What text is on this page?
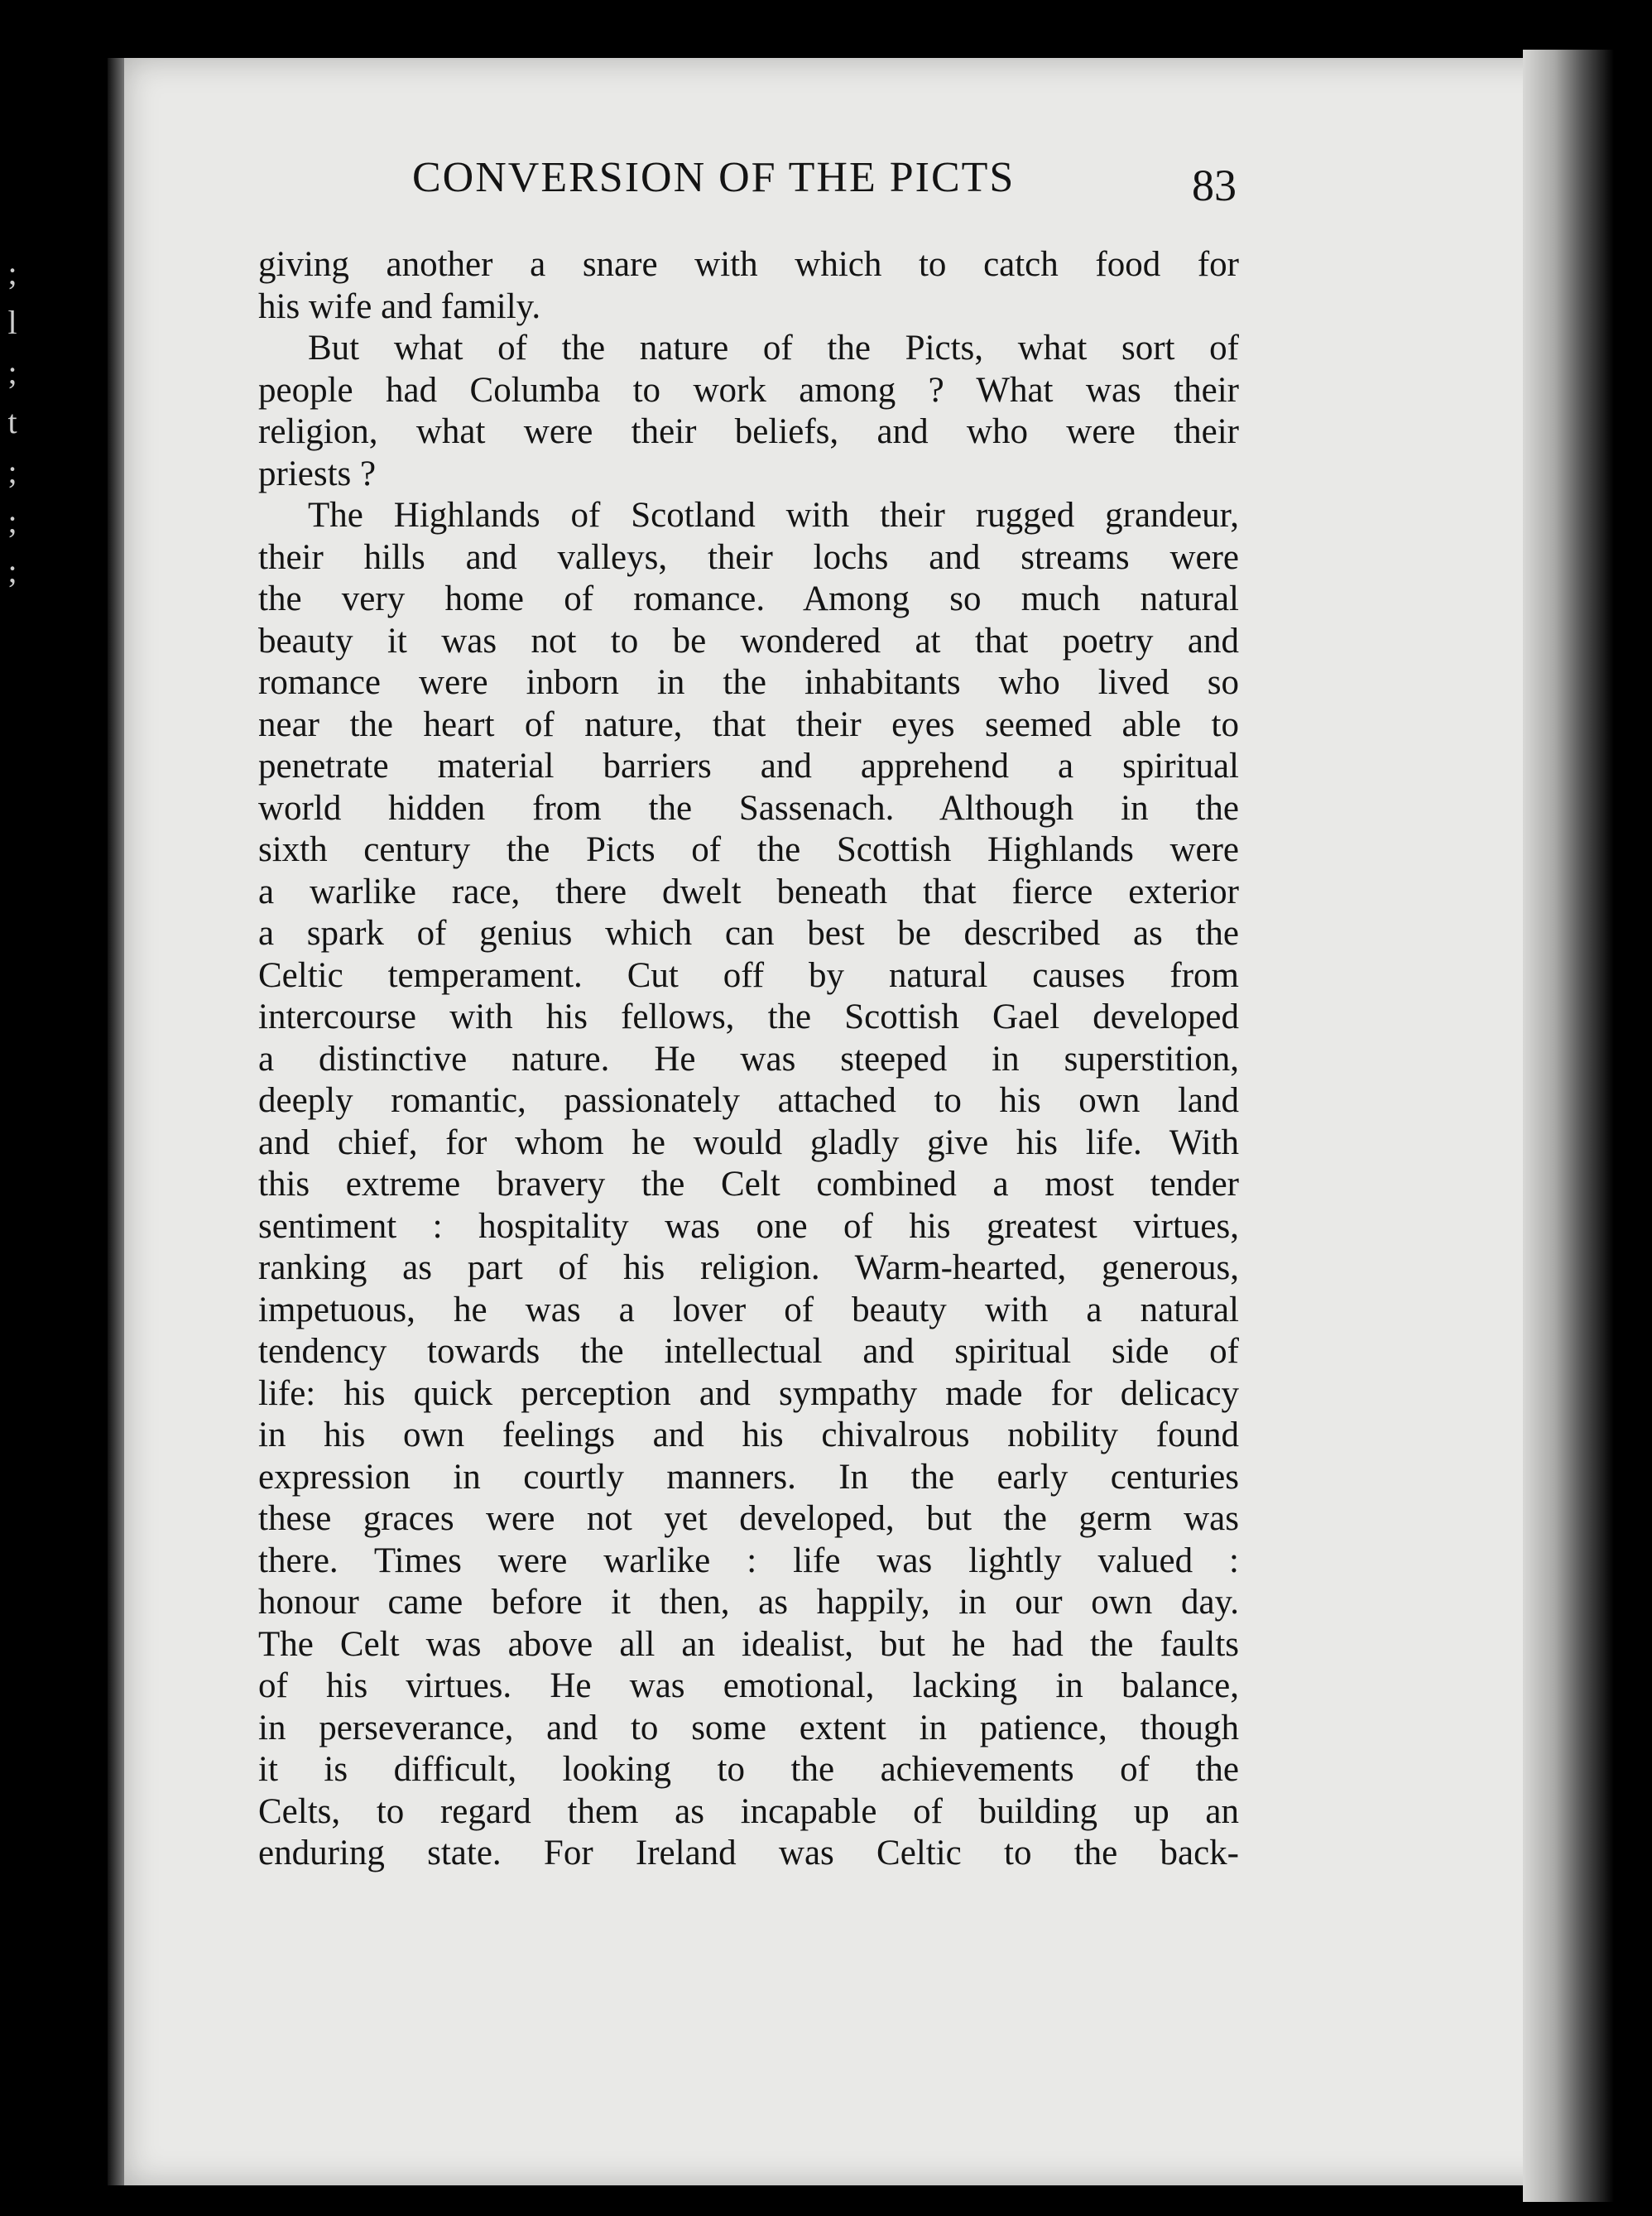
;
l
;
t
;
;
;
CONVERSION OF THE PICTS	83
giving another a snare with which to catch food for
his wife and family.
But what of the nature of the Picts, what sort of
people had Columba to work among ? What was their
religion, what were their beliefs, and who were their
priests ?
The Highlands of Scotland with their rugged grandeur,
their hills and valleys, their lochs and streams were
the very home of romance. Among so much natural
beauty it was not to be wondered at that poetry and
romance were inborn in the inhabitants who lived so
near the heart of nature, that their eyes seemed able to
penetrate material barriers and apprehend a spiritual
world hidden from the Sassenach. Although in the
sixth century the Picts of the Scottish Highlands were
a warlike race, there dwelt beneath that fierce exterior
a spark of genius which can best be described as the
Celtic temperament. Cut off by natural causes from
intercourse with his fellows, the Scottish Gael developed
a distinctive nature. He was steeped in superstition,
deeply romantic, passionately attached to his own land
and chief, for whom he would gladly give his life. With
this extreme bravery the Celt combined a most tender
sentiment : hospitality was one of his greatest virtues,
ranking as part of his religion. Warm-hearted, generous,
impetuous, he was a lover of beauty with a natural
tendency towards the intellectual and spiritual side of
life: his quick perception and sympathy made for delicacy
in his own feelings and his chivalrous nobility found
expression in courtly manners. In the early centuries
these graces were not yet developed, but the germ was
there. Times were warlike : life was lightly valued :
honour came before it then, as happily, in our own day.
The Celt was above all an idealist, but he had the faults
of his virtues. He was emotional, lacking in balance,
in perseverance, and to some extent in patience, though
it is difficult, looking to the achievements of the
Celts, to regard them as incapable of building up an
enduring state. For Ireland was Celtic to the back-
